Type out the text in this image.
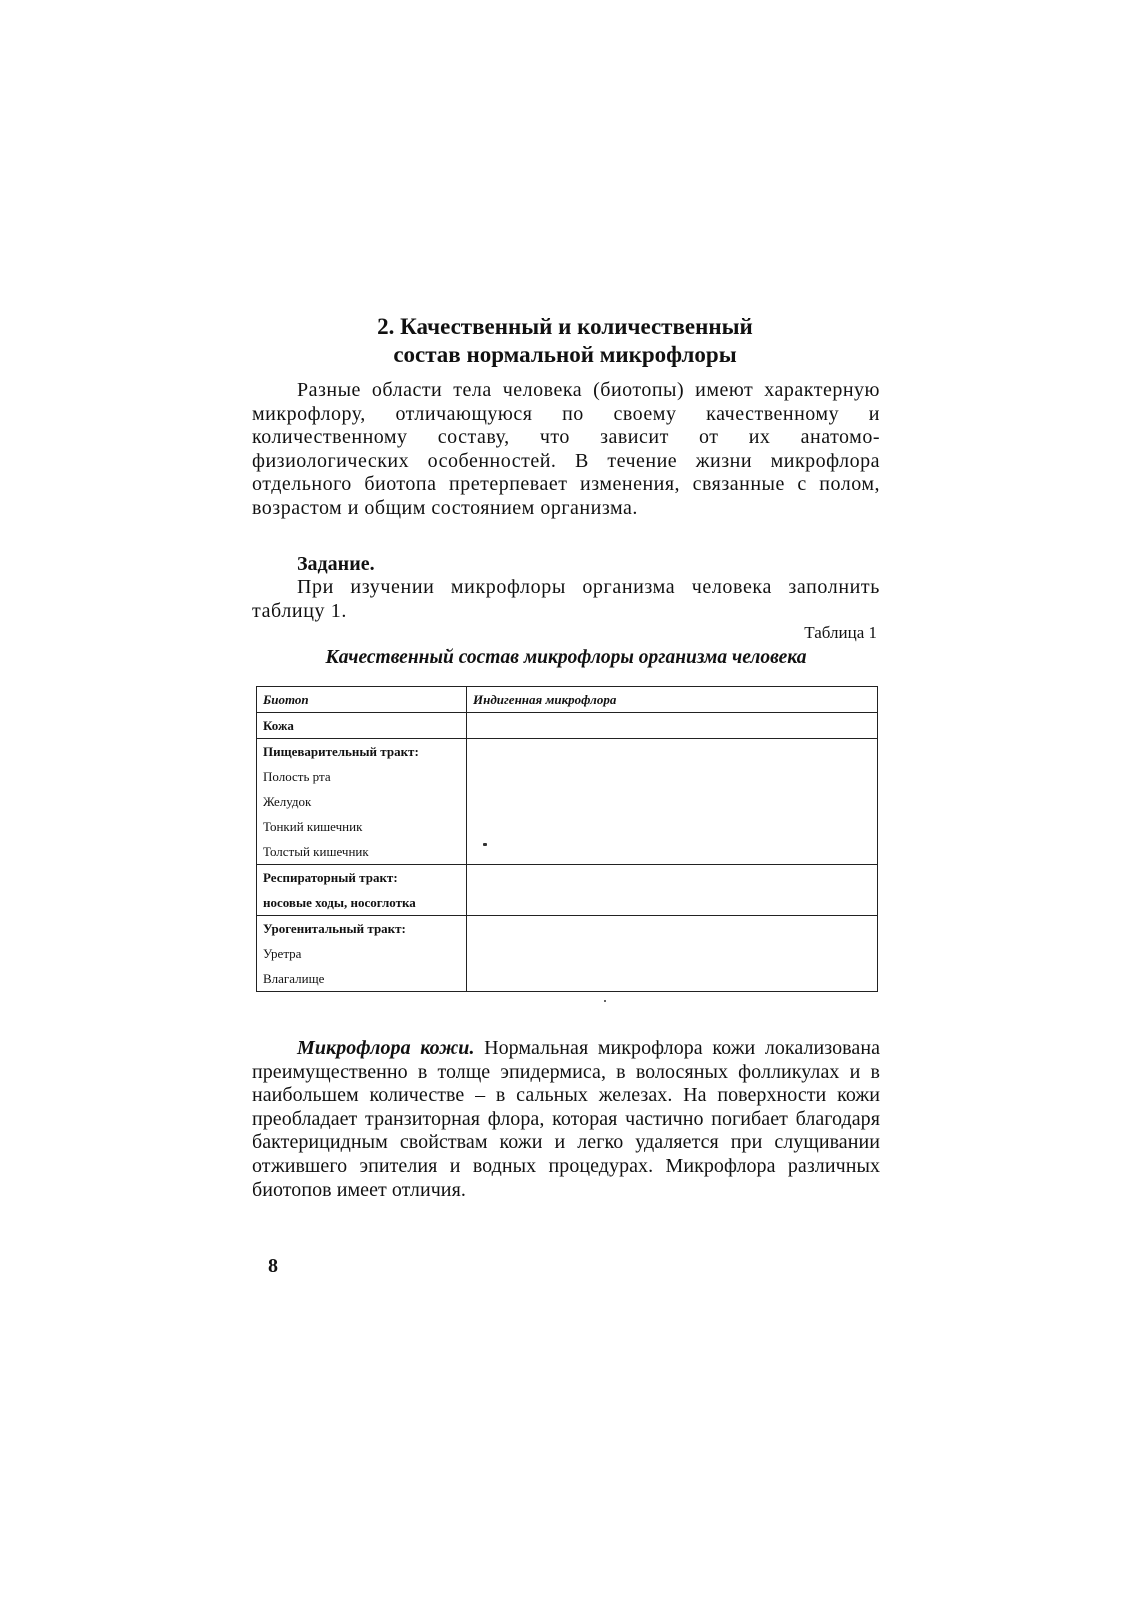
2. Качественный и количественный
состав нормальной микрофлоры

Разные области тела человека (биотопы) имеют характерную микрофлору, отличающуюся по своему качественному и количественному составу, что зависит от их анатомо-физиологических особенностей. В течение жизни микрофлора отдельного биотопа претерпевает изменения, связанные с полом, возрастом и общим состоянием организма.

Задание.

При изучении микрофлоры организма человека заполнить таблицу 1.

Таблица 1
Качественный состав микрофлоры организма человека
Биотоп	Индигенная микрофлора

Кожа	

Пищеварительный тракт:
Полость рта
Желудок
Тонкий кишечник
Толстый кишечник	

Респираторный тракт:
носовые ходы, носоглотка	

Урогенитальный тракт:
Уретра
Влагалище	

Микрофлора кожи. Нормальная микрофлора кожи локализована преимущественно в толще эпидермиса, в волосяных фолликулах и в наибольшем количестве – в сальных железах. На поверхности кожи преобладает транзиторная флора, которая частично погибает благодаря бактерицидным свойствам кожи и легко удаляется при слущивании отжившего эпителия и водных процедурах. Микрофлора различных биотопов имеет отличия.

8
